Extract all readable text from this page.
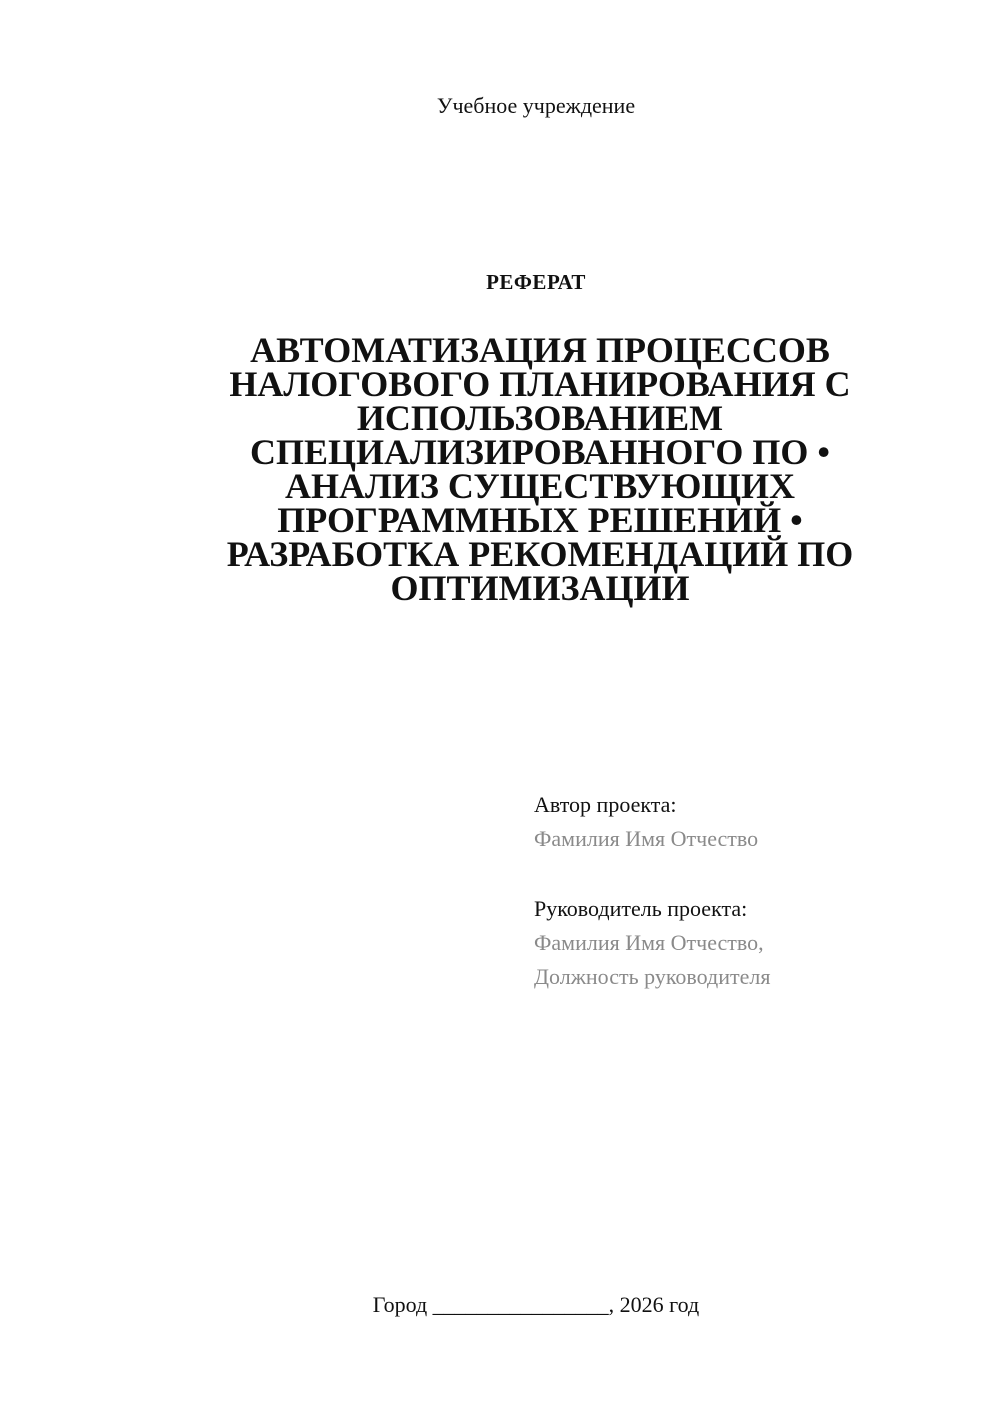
Учебное учреждение
РЕФЕРАТ
АВТОМАТИЗАЦИЯ ПРОЦЕССОВ НАЛОГОВОГО ПЛАНИРОВАНИЯ С ИСПОЛЬЗОВАНИЕМ СПЕЦИАЛИЗИРОВАННОГО ПО • АНАЛИЗ СУЩЕСТВУЮЩИХ ПРОГРАММНЫХ РЕШЕНИЙ • РАЗРАБОТКА РЕКОМЕНДАЦИЙ ПО ОПТИМИЗАЦИИ
Автор проекта:
Фамилия Имя Отчество
Руководитель проекта:
Фамилия Имя Отчество,
Должность руководителя
Город ________________, 2026 год
